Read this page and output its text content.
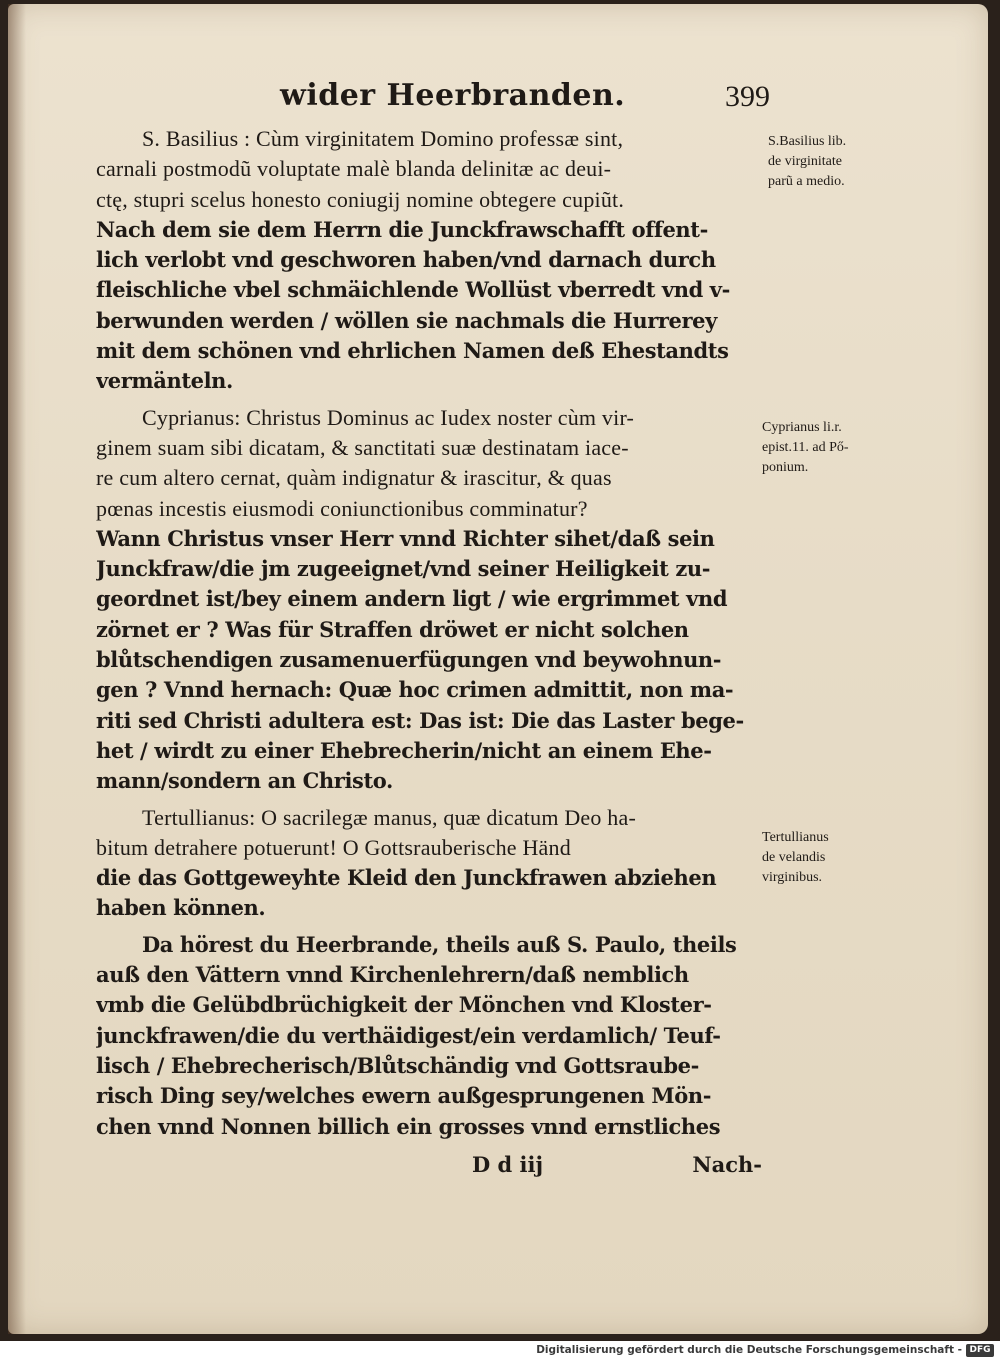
wider Heerbranden.	399
S. Basilius : Cùm virginitatem Domino professæ sint,
carnali postmodũ voluptate malè blanda delinitæ ac deui-
ctę, stupri scelus honesto coniugij nomine obtegere cupiũt.
Nach dem sie dem Herrn die Junckfrawschafft offent-
lich verlobt vnd geschworen haben/vnd darnach durch
fleischliche vbel schmäichlende Wollüst vberredt vnd v-
berwunden werden / wöllen sie nachmals die Hurrerey
mit dem schönen vnd ehrlichen Namen deß Ehestandts
vermänteln.
Cyprianus: Christus Dominus ac Iudex noster cùm vir-
ginem suam sibi dicatam, & sanctitati suæ destinatam iace-
re cum altero cernat, quàm indignatur & irascitur, & quas
pœnas incestis eiusmodi coniunctionibus comminatur?
Wann Christus vnser Herr vnnd Richter sihet/daß sein
Junckfraw/die jm zugeeignet/vnd seiner Heiligkeit zu-
geordnet ist/bey einem andern ligt / wie ergrimmet vnd
zörnet er ? Was für Straffen dröwet er nicht solchen
blůtschendigen zusamenuerfügungen vnd beywohnun-
gen ? Vnnd hernach: Quæ hoc crimen admittit, non ma-
riti sed Christi adultera est: Das ist: Die das Laster bege-
het / wirdt zu einer Ehebrecherin/nicht an einem Ehe-
mann/sondern an Christo.
Tertullianus: O sacrilegæ manus, quæ dicatum Deo ha-
bitum detrahere potuerunt! O Gottsrauberische Händ
die das Gottgeweyhte Kleid den Junckfrawen abziehen
haben können.
Da hörest du Heerbrande, theils auß S. Paulo, theils
auß den Vättern vnnd Kirchenlehrern/daß nemblich
vmb die Gelübdbrüchigkeit der Mönchen vnd Kloster-
junckfrawen/die du verthäidigest/ein verdamlich/ Teuf-
lisch / Ehebrecherisch/Blůtschändig vnd Gottsraube-
risch Ding sey/welches ewern außgesprungenen Mön-
chen vnnd Nonnen billich ein grosses vnnd ernstliches
D d iij	Nach-
S.Basilius lib.
de virginitate
parũ a medio.
Cyprianus li.r.
epist.11. ad Pő-
ponium.
Tertullianus
de velandis
virginibus.
Digitalisierung gefördert durch die Deutsche Forschungsgemeinschaft - DFG
